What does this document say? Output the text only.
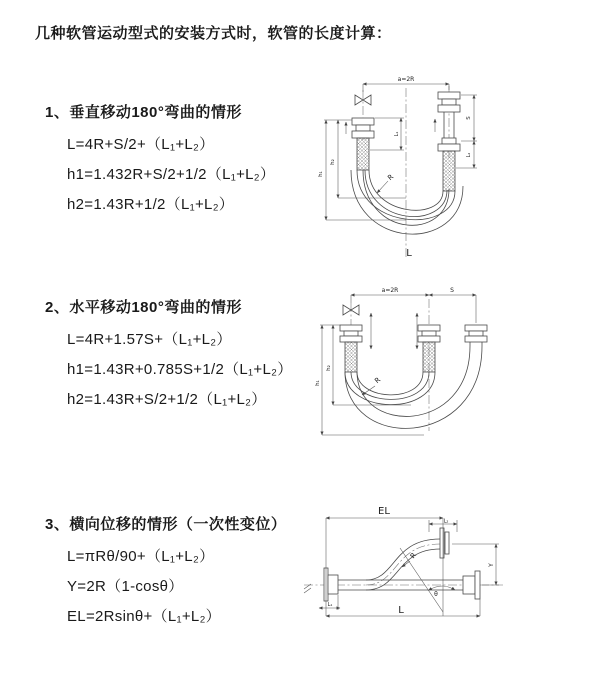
几种软管运动型式的安装方式时，软管的长度计算：
1、垂直移动180°弯曲的情形
L=4R+S/2+（L₁+L₂）
h1=1.432R+S/2+1/2（L₁+L₂）
h2=1.43R+1/2（L₁+L₂）
a=2R
h₁
h₂
L₁
S
L₂
R
L
2、水平移动180°弯曲的情形
L=4R+1.57S+（L₁+L₂）
h1=1.43R+0.785S+1/2（L₁+L₂）
h2=1.43R+S/2+1/2（L₁+L₂）
a=2R	S
h₁
h₂
R
3、横向位移的情形（一次性变位）
L=πRθ/90+（L₁+L₂）
Y=2R（1-cosθ）
EL=2Rsinθ+（L₁+L₂）
EL
L₂
Y
R
θ
L
L₁
